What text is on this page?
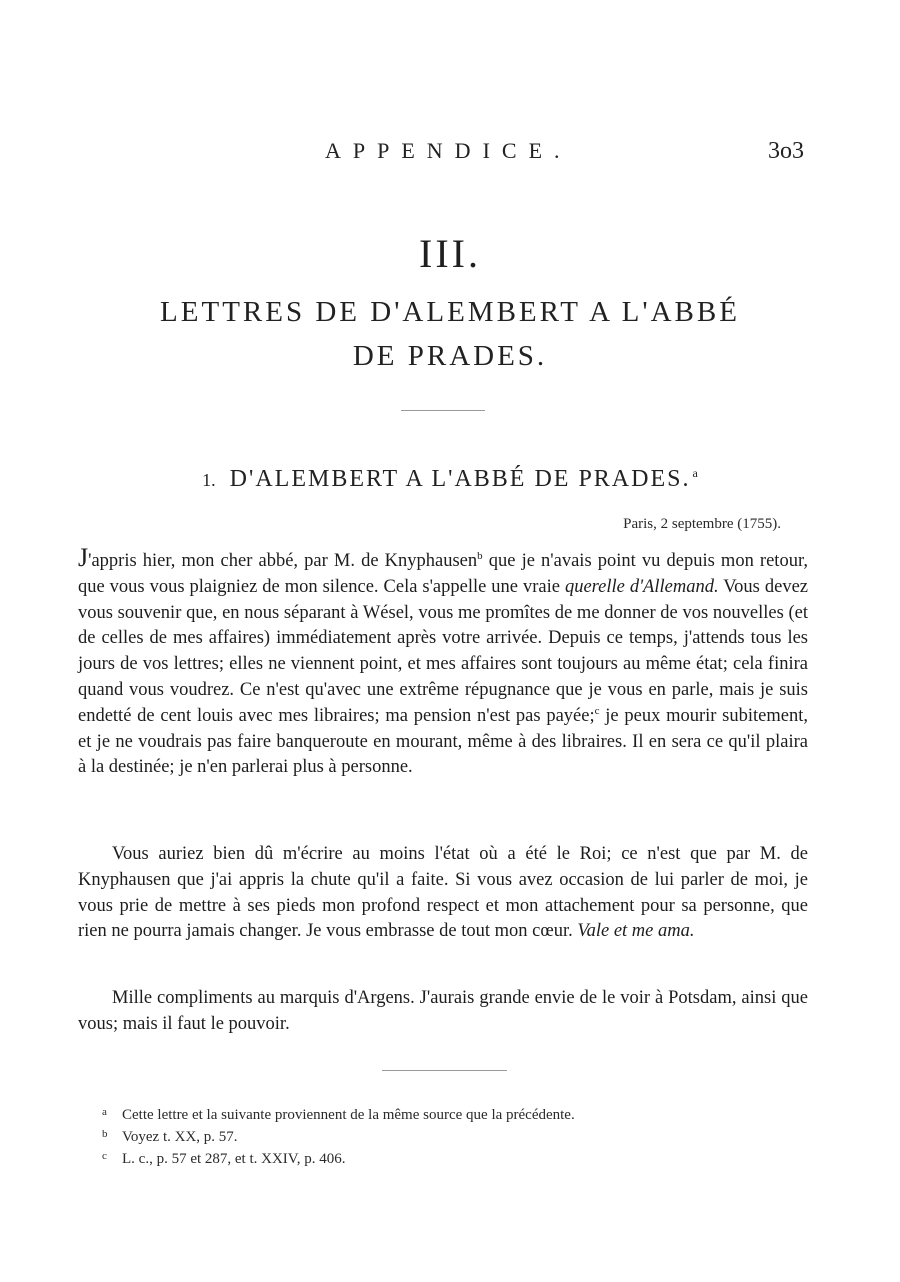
APPENDICE.	3o3
III.
LETTRES DE D'ALEMBERT A L'ABBÉ
DE PRADES.
1. D'ALEMBERT A L'ABBÉ DE PRADES. $^a$
Paris, 2 septembre (1755).

J'appris hier, mon cher abbé, par M. de Knyphausen$^b$ que je n'avais point vu depuis mon retour, que vous vous plaigniez de mon silence. Cela s'appelle une vraie querelle d'Allemand. Vous devez vous souvenir que, en nous séparant à Wésel, vous me promîtes de me donner de vos nouvelles (et de celles de mes affaires) immédiatement après votre arrivée. Depuis ce temps, j'attends tous les jours de vos lettres; elles ne viennent point, et mes affaires sont toujours au même état; cela finira quand vous voudrez. Ce n'est qu'avec une extrême répugnance que je vous en parle, mais je suis endetté de cent louis avec mes libraires; ma pension n'est pas payée;$^c$ je peux mourir subitement, et je ne voudrais pas faire banqueroute en mourant, même à des libraires. Il en sera ce qu'il plaira à la destinée; je n'en parlerai plus à personne.

Vous auriez bien dû m'écrire au moins l'état où a été le Roi; ce n'est que par M. de Knyphausen que j'ai appris la chute qu'il a faite. Si vous avez occasion de lui parler de moi, je vous prie de mettre à ses pieds mon profond respect et mon attachement pour sa personne, que rien ne pourra jamais changer. Je vous embrasse de tout mon cœur. Vale et me ama.

Mille compliments au marquis d'Argens. J'aurais grande envie de le voir à Potsdam, ainsi que vous; mais il faut le pouvoir.

a Cette lettre et la suivante proviennent de la même source que la précédente.
b Voyez t. XX, p. 57.
c L. c., p. 57 et 287, et t. XXIV, p. 406.
